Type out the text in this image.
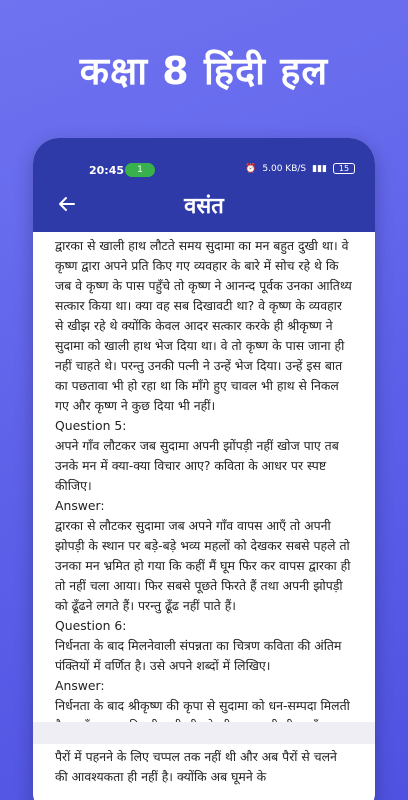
कक्षा 8 हिंदी हल
20:45	1	⏰ 5.00 KB/S ▮▮▮	15
वसंत

द्वारका से खाली हाथ लौटते समय सुदामा का मन बहुत दुखी था। वे कृष्ण द्वारा अपने प्रति किए गए व्यवहार के बारे में सोच रहे थे कि जब वे कृष्ण के पास पहुँचे तो कृष्ण ने आनन्द पूर्वक उनका आतिथ्य सत्कार किया था। क्या वह सब दिखावटी था? वे कृष्ण के व्यवहार से खीझ रहे थे क्योंकि केवल आदर सत्कार करके ही श्रीकृष्ण ने सुदामा को खाली हाथ भेज दिया था। वे तो कृष्ण के पास जाना ही नहीं चाहते थे। परन्तु उनकी पत्नी ने उन्हें भेज दिया। उन्हें इस बात का पछतावा भी हो रहा था कि माँगे हुए चावल भी हाथ से निकल गए और कृष्ण ने कुछ दिया भी नहीं।

Question 5:

अपने गाँव लौटकर जब सुदामा अपनी झोंपड़ी नहीं खोज पाए तब उनके मन में क्या-क्या विचार आए? कविता के आधर पर स्पष्ट कीजिए।

Answer:

द्वारका से लौटकर सुदामा जब अपने गाँव वापस आएँ तो अपनी झोपड़ी के स्थान पर बड़े-बड़े भव्य महलों को देखकर सबसे पहले तो उनका मन भ्रमित हो गया कि कहीं मैं घूम फिर कर वापस द्वारका ही तो नहीं चला आया। फिर सबसे पूछते फिरते हैं तथा अपनी झोपड़ी को ढूँढने लगते हैं। परन्तु ढूँढ नहीं पाते हैं।

Question 6:

निर्धनता के बाद मिलनेवाली संपन्नता का चित्रण कविता की अंतिम पंक्तियों में वर्णित है। उसे अपने शब्दों में लिखिए।

Answer:

निर्धनता के बाद श्रीकृष्ण की कृपा से सुदामा को धन-सम्पदा मिलती

पैरों में पहनने के लिए चप्पल तक नहीं थी और अब पैरों से चलने की आवश्यकता ही नहीं है। क्योंकि अब घूमने के
